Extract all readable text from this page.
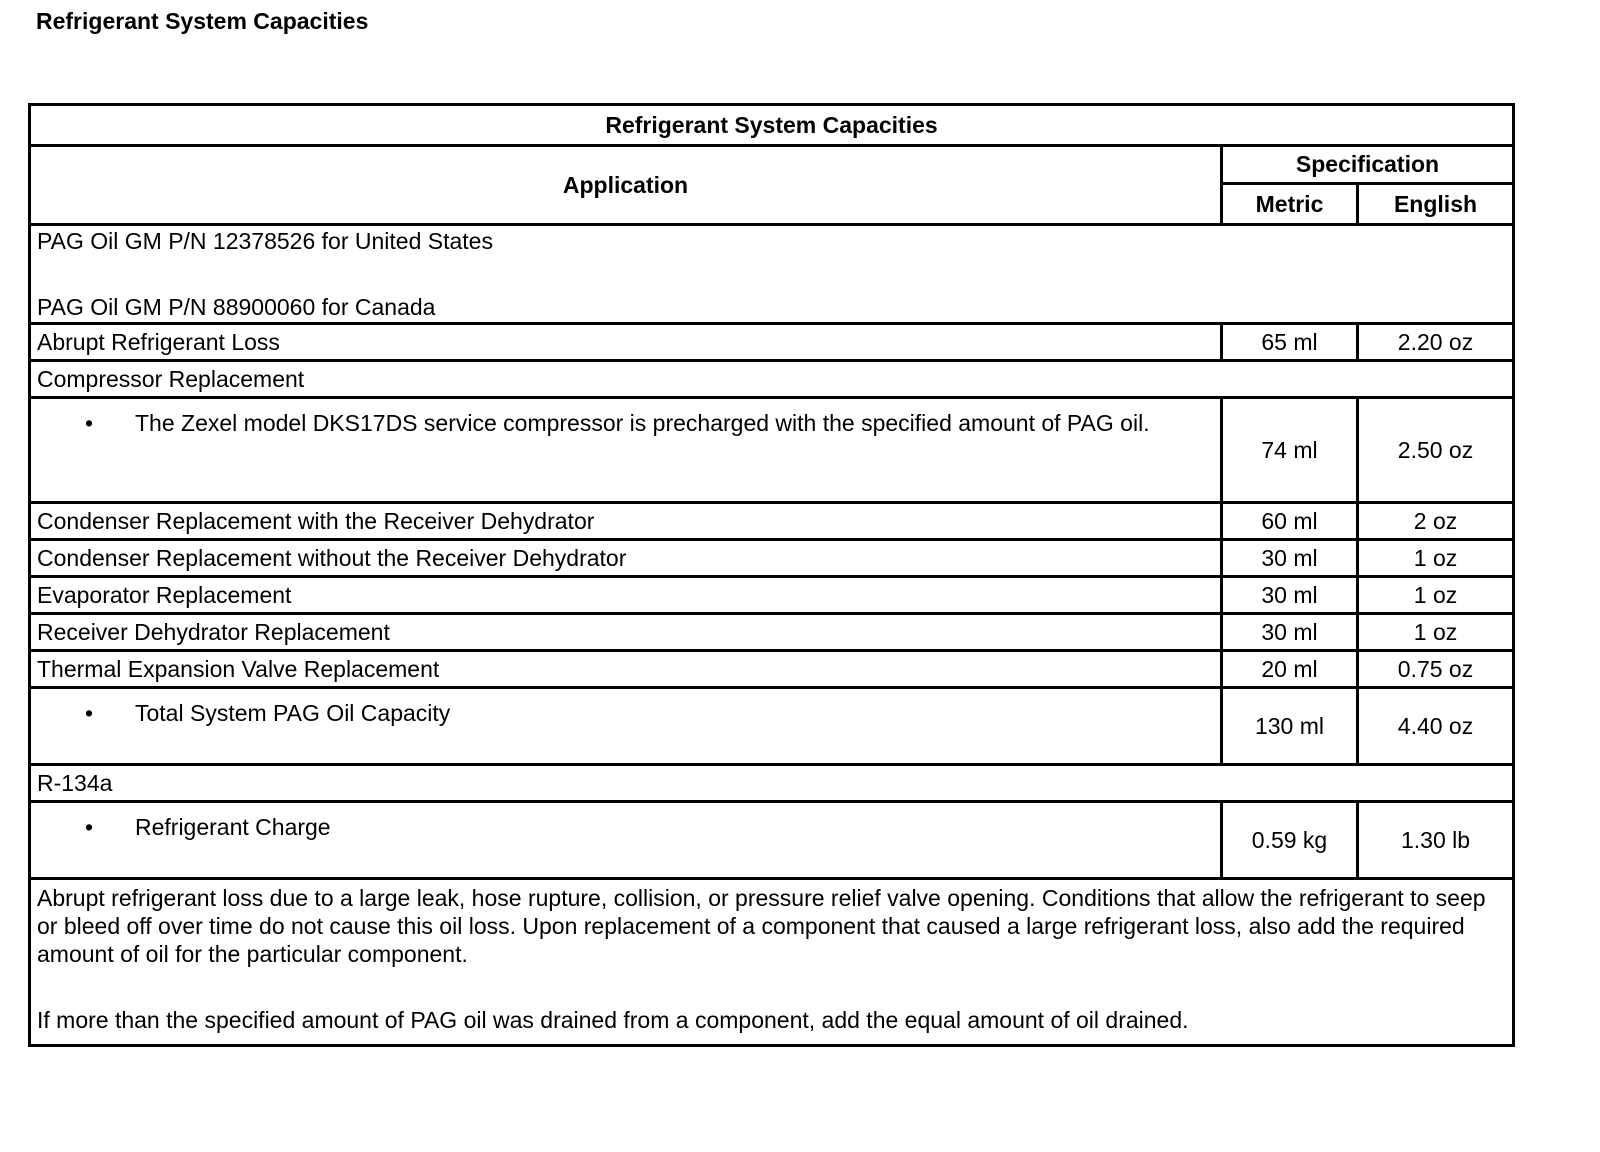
Refrigerant System Capacities
Refrigerant System Capacities		
Application	Specification	
	Metric	English

PAG Oil GM P/N 12378526 for United States
PAG Oil GM P/N 88900060 for Canada		

Abrupt Refrigerant Loss	65 ml	2.20 oz
Compressor Replacement		

• The Zexel model DKS17DS service compressor is precharged with the specified amount of PAG oil.	74 ml	2.50 oz
Condenser Replacement with the Receiver Dehydrator	60 ml	2 oz
Condenser Replacement without the Receiver Dehydrator	30 ml	1 oz
Evaporator Replacement	30 ml	1 oz
Receiver Dehydrator Replacement	30 ml	1 oz
Thermal Expansion Valve Replacement	20 ml	0.75 oz

• Total System PAG Oil Capacity	130 ml	4.40 oz
R-134a		

• Refrigerant Charge	0.59 kg	1.30 lb

Abrupt refrigerant loss due to a large leak, hose rupture, collision, or pressure relief valve opening. Conditions that allow the refrigerant to seep or bleed off over time do not cause this oil loss. Upon replacement of a component that caused a large refrigerant loss, also add the required amount of oil for the particular component.

If more than the specified amount of PAG oil was drained from a component, add the equal amount of oil drained.		
